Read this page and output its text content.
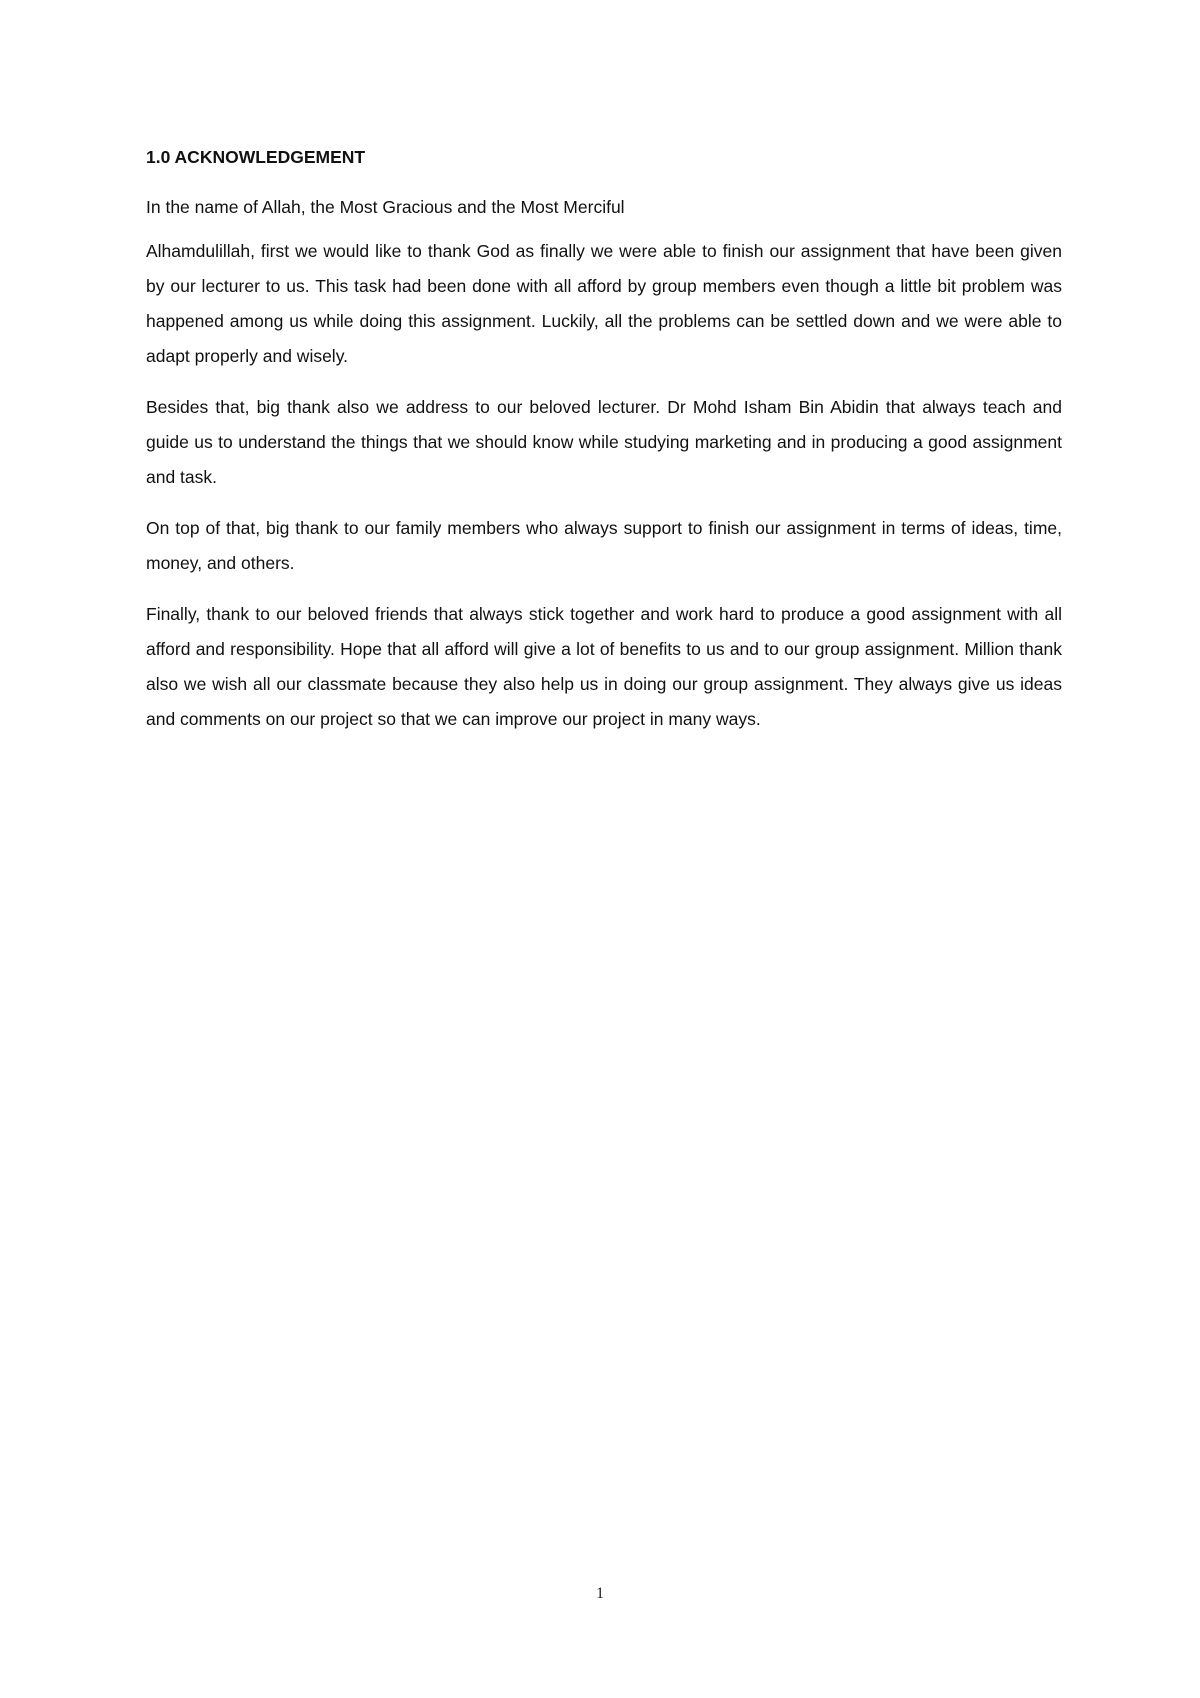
1.0 ACKNOWLEDGEMENT

In the name of Allah, the Most Gracious and the Most Merciful

Alhamdulillah, first we would like to thank God as finally we were able to finish our assignment that have been given by our lecturer to us. This task had been done with all afford by group members even though a little bit problem was happened among us while doing this assignment. Luckily, all the problems can be settled down and we were able to adapt properly and wisely.

Besides that, big thank also we address to our beloved lecturer. Dr Mohd Isham Bin Abidin that always teach and guide us to understand the things that we should know while studying marketing and in producing a good assignment and task.

On top of that, big thank to our family members who always support to finish our assignment in terms of ideas, time, money, and others.

Finally, thank to our beloved friends that always stick together and work hard to produce a good assignment with all afford and responsibility. Hope that all afford will give a lot of benefits to us and to our group assignment. Million thank also we wish all our classmate because they also help us in doing our group assignment. They always give us ideas and comments on our project so that we can improve our project in many ways.

1
